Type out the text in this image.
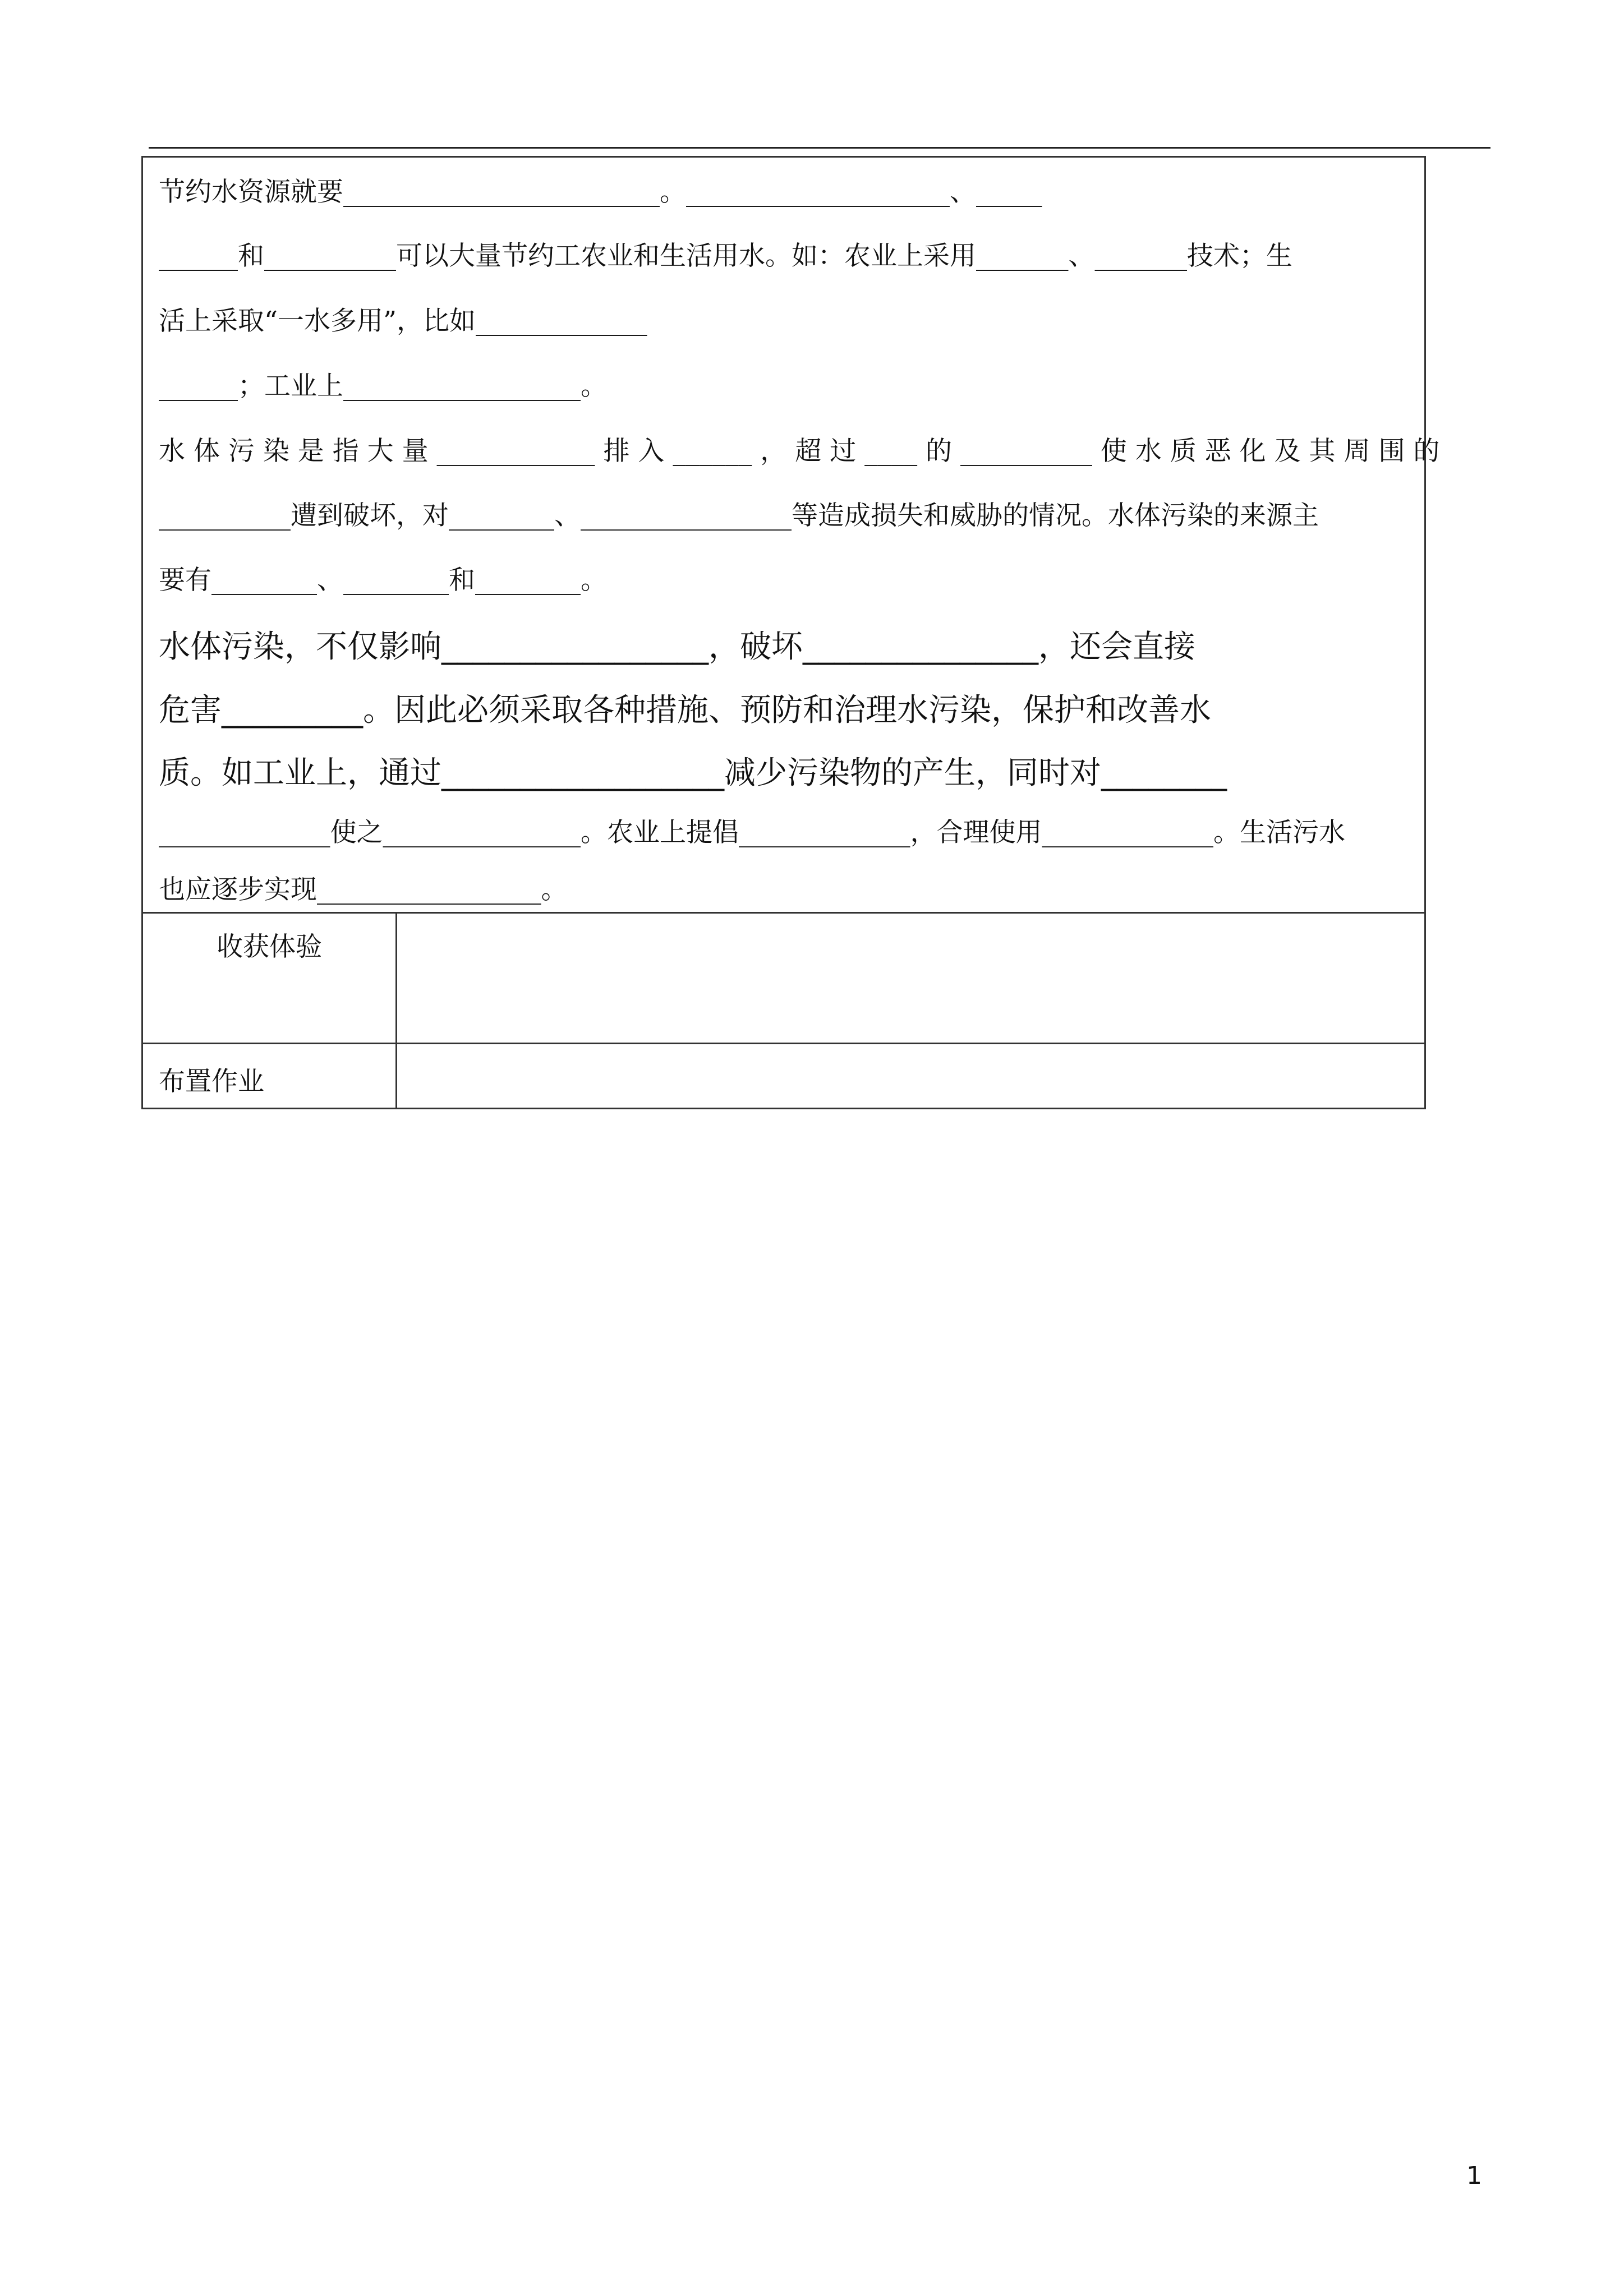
节约水资源就要________________________。____________________、_____
______和__________可以大量节约工农业和生活用水。如：农业上采用_______、_______技术；生
活上采取“一水多用”，比如_____________
______；工业上__________________。
水 体 污 染 是 指 大 量 ____________ 排 入 ______ ， 超 过 ____ 的 __________ 使 水 质 恶 化 及 其 周 围 的
__________遭到破坏，对________、________________等造成损失和威胁的情况。水体污染的来源主
要有________、________和________。
水体污染，不仅影响_________________，破坏_______________，还会直接
危害_________。因此必须采取各种措施、预防和治理水污染，保护和改善水
质。如工业上，通过__________________减少污染物的产生，同时对________
_____________使之_______________。农业上提倡_____________，合理使用_____________。生活污水
也应逐步实现_________________。
收获体验
布置作业
1
